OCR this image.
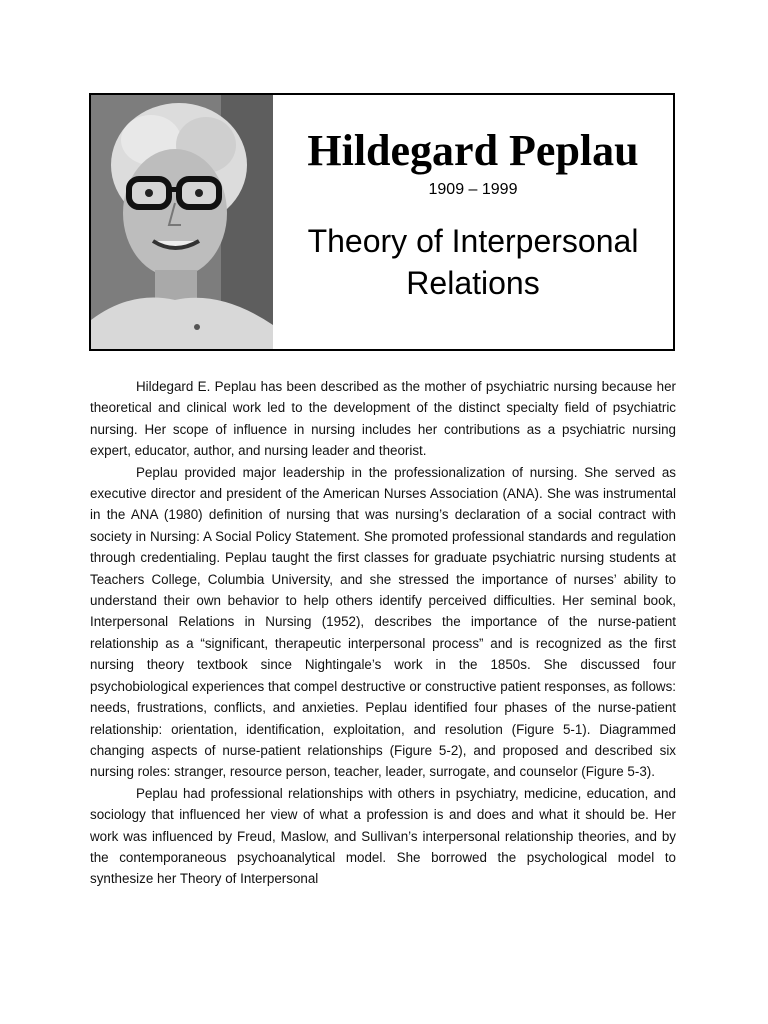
Hildegard Peplau
1909 – 1999
Theory of Interpersonal Relations

Hildegard E. Peplau has been described as the mother of psychiatric nursing because her theoretical and clinical work led to the development of the distinct specialty field of psychiatric nursing. Her scope of influence in nursing includes her contributions as a psychiatric nursing expert, educator, author, and nursing leader and theorist.

Peplau provided major leadership in the professionalization of nursing. She served as executive director and president of the American Nurses Association (ANA). She was instrumental in the ANA (1980) definition of nursing that was nursing’s declaration of a social contract with society in Nursing: A Social Policy Statement. She promoted professional standards and regulation through credentialing. Peplau taught the first classes for graduate psychiatric nursing students at Teachers College, Columbia University, and she stressed the importance of nurses’ ability to understand their own behavior to help others identify perceived difficulties. Her seminal book, Interpersonal Relations in Nursing (1952), describes the importance of the nurse-patient relationship as a “significant, therapeutic interpersonal process” and is recognized as the first nursing theory textbook since Nightingale’s work in the 1850s. She discussed four psychobiological experiences that compel destructive or constructive patient responses, as follows: needs, frustrations, conflicts, and anxieties. Peplau identified four phases of the nurse-patient relationship: orientation, identification, exploitation, and resolution (Figure 5-1). Diagrammed changing aspects of nurse-patient relationships (Figure 5-2), and proposed and described six nursing roles: stranger, resource person, teacher, leader, surrogate, and counselor (Figure 5-3).

Peplau had professional relationships with others in psychiatry, medicine, education, and sociology that influenced her view of what a profession is and does and what it should be. Her work was influenced by Freud, Maslow, and Sullivan’s interpersonal relationship theories, and by the contemporaneous psychoanalytical model. She borrowed the psychological model to synthesize her Theory of Interpersonal
